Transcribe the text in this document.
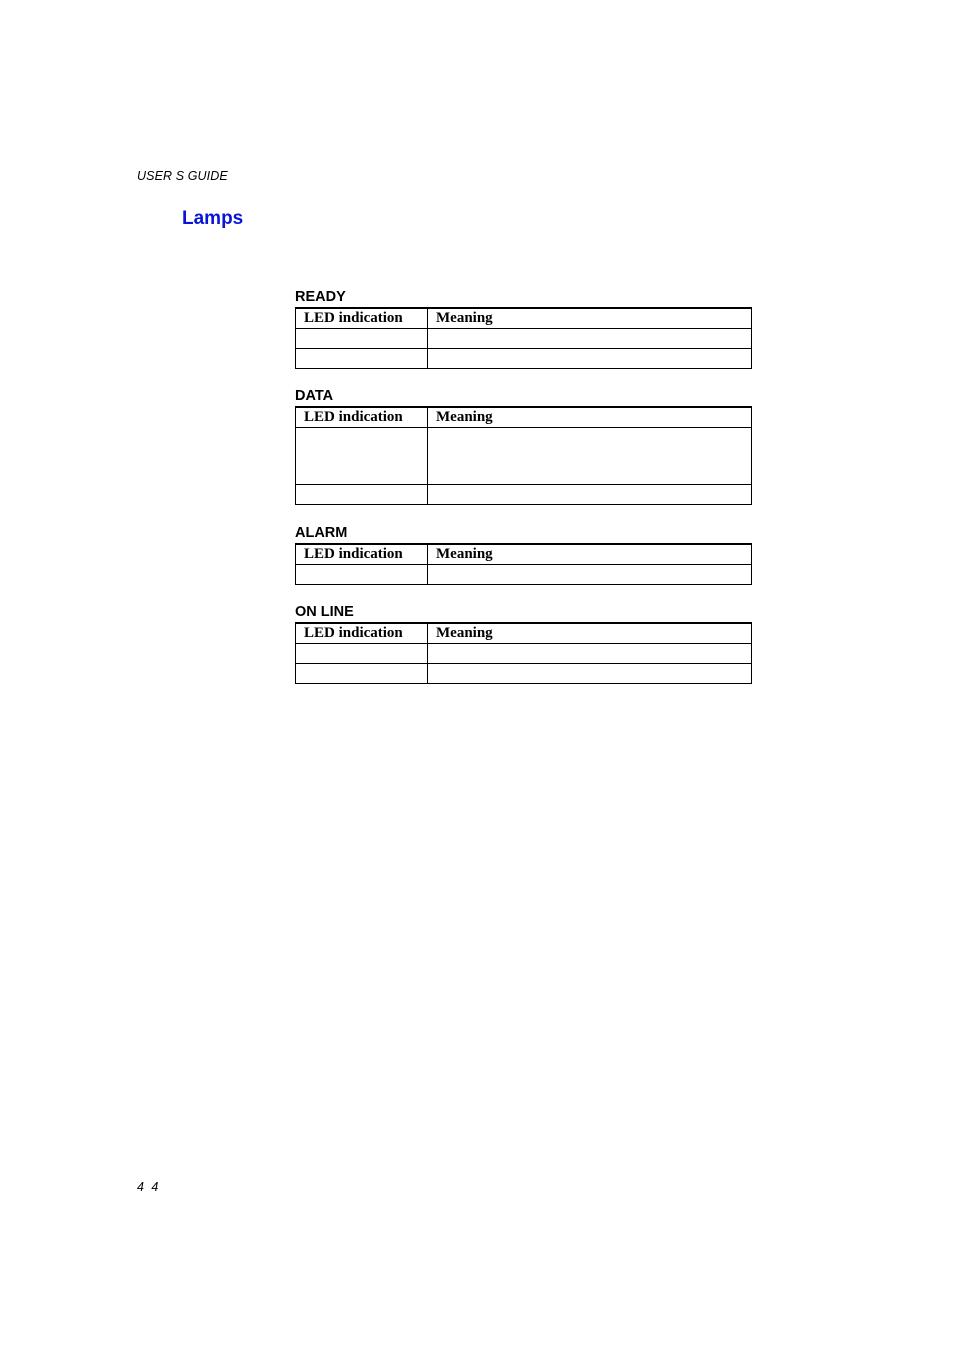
USER S GUIDE
Lamps
READY
LED indication	Meaning

DATA
LED indication	Meaning

ALARM
LED indication	Meaning

ON LINE
LED indication	Meaning

4 4
